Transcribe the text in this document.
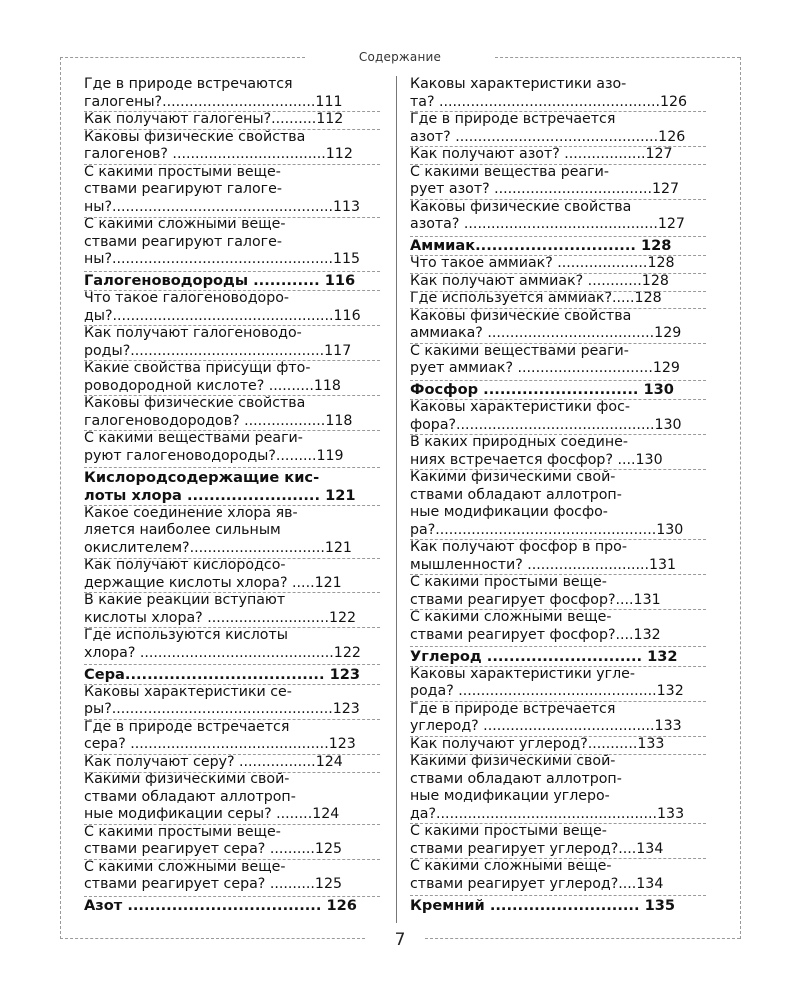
Содержание
Где в природе встречаются
галогены?..................................111
Как получают галогены?..........112
Каковы физические свойства
галогенов? ..................................112
С какими простыми веще-
ствами реагируют галоге-
ны?.................................................113
С какими сложными веще-
ствами реагируют галоге-
ны?.................................................115
Галогеноводороды ............ 116
Что такое галогеноводоро-
ды?.................................................116
Как получают галогеноводо-
роды?...........................................117
Какие свойства присущи фто-
роводородной кислоте? ..........118
Каковы физические свойства
галогеноводородов? ..................118
С какими веществами реаги-
руют галогеноводороды?.........119
Кислородсодержащие кис-
лоты хлора ........................ 121
Какое соединение хлора яв-
ляется наиболее сильным
окислителем?..............................121
Как получают кислородсо-
держащие кислоты хлора? .....121
В какие реакции вступают
кислоты хлора? ...........................122
Где используются кислоты
хлора? ...........................................122
Сера.................................... 123
Каковы характеристики се-
ры?.................................................123
Где в природе встречается
сера? ............................................123
Как получают серу? .................124
Какими физическими свой-
ствами обладают аллотроп-
ные модификации серы? ........124
С какими простыми веще-
ствами реагирует сера? ..........125
С какими сложными веще-
ствами реагирует сера? ..........125
Азот ................................... 126
Каковы характеристики азо-
та? .................................................126
Где в природе встречается
азот? .............................................126
Как получают азот? ..................127
С какими вещества реаги-
рует азот? ...................................127
Каковы физические свойства
азота? ...........................................127
Аммиак............................. 128
Что такое аммиак? ....................128
Как получают аммиак? ............128
Где используется аммиак?.....128
Каковы физические свойства
аммиака? .....................................129
С какими веществами реаги-
рует аммиак? ..............................129
Фосфор ............................ 130
Каковы характеристики фос-
фора?............................................130
В каких природных соедине-
ниях встречается фосфор? ....130
Какими физическими свой-
ствами обладают аллотроп-
ные модификации фосфо-
ра?.................................................130
Как получают фосфор в про-
мышленности? ...........................131
С какими простыми веще-
ствами реагирует фосфор?....131
С какими сложными веще-
ствами реагирует фосфор?....132
Углерод ............................ 132
Каковы характеристики угле-
рода? ............................................132
Где в природе встречается
углерод? ......................................133
Как получают углерод?...........133
Какими физическими свой-
ствами обладают аллотроп-
ные модификации углеро-
да?.................................................133
С какими простыми веще-
ствами реагирует углерод?....134
С какими сложными веще-
ствами реагирует углерод?....134
Кремний ........................... 135
7
